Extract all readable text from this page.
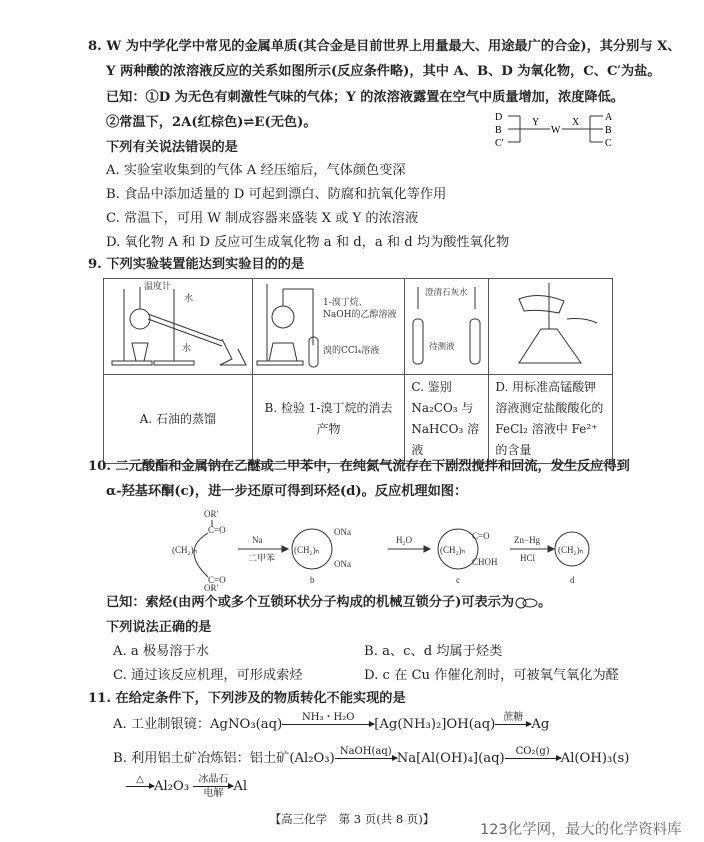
8. W 为中学化学中常见的金属单质(其合金是目前世界上用量最大、用途最广的合金)，其分别与 X、
Y 两种酸的浓溶液反应的关系如图所示(反应条件略)，其中 A、B、D 为氧化物，C、C′为盐。
已知：①D 为无色有刺激性气味的气体；Y 的浓溶液露置在空气中质量增加，浓度降低。
②常温下，2A(红棕色)⇌E(无色)。
下列有关说法错误的是
A. 实验室收集到的气体 A 经压缩后，气体颜色变深
B. 食品中添加适量的 D 可起到漂白、防腐和抗氧化等作用
C. 常温下，可用 W 制成容器来盛装 X 或 Y 的浓溶液
D. 氧化物 A 和 D 反应可生成氧化物 a 和 d，a 和 d 均为酸性氧化物
D
B
C′
Y
W
X	A
B
C
9. 下列实验装置能达到实验目的的是
温度计
水
水	1-溴丁烷、
NaOH的乙醇溶液
溴的CCl₄溶液	澄清石灰水
待测液

A. 石油的蒸馏	B. 检验 1-溴丁烷的消去产物	C. 鉴别 Na₂CO₃ 与 NaHCO₃ 溶液	D. 用标准高锰酸钾溶液测定盐酸酸化的 FeCl₂ 溶液中 Fe²⁺ 的含量
10. 二元酸酯和金属钠在乙醚或二甲苯中，在纯氮气流存在下剧烈搅拌和回流，发生反应得到
α-羟基环酮(c)，进一步还原可得到环烃(d)。反应机理如图：
OR′
C=O
(CH₂)ₙ
C=O
OR′
Na
二甲苯
(CH₂)ₙ
ONa
ONa
b
H₂O
(CH₂)ₙ
C=O
CHOH
c
Zn−Hg
HCl
(CH₂)ₙ
d
已知：索烃(由两个或多个互锁环状分子构成的机械互锁分子)可表示为 。
下列说法正确的是
A. a 极易溶于水	B. a、c、d 均属于烃类
C. 通过该反应机理，可形成索烃	D. c 在 Cu 作催化剂时，可被氧气氧化为醛
11. 在给定条件下，下列涉及的物质转化不能实现的是
A. 工业制银镜：AgNO₃(aq)	NH₃・H₂O
	[Ag(NH₃)₂]OH(aq) 蔗糖
Ag
B. 利用铝土矿冶炼铝：铝土矿(Al₂O₃) NaOH(aq)
Na[Al(OH)₄](aq)	CO₂(g)
Al(OH)₃(s)
△
Al₂O₃ 冰晶石
电解 Al
【高三化学　第 3 页(共 8 页)】
123化学网，最大的化学资料库
